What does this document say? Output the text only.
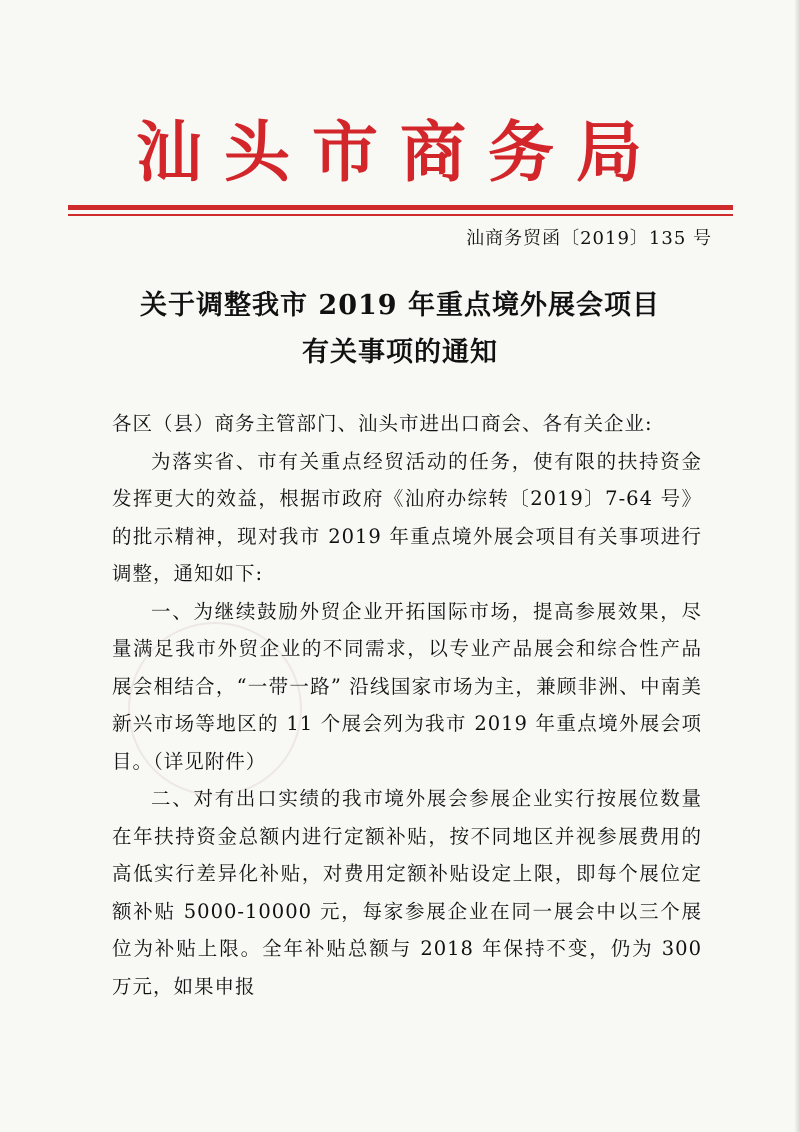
汕头市商务局
汕商务贸函〔2019〕135 号
关于调整我市 2019 年重点境外展会项目
有关事项的通知

各区（县）商务主管部门、汕头市进出口商会、各有关企业:

为落实省、市有关重点经贸活动的任务，使有限的扶持资金发挥更大的效益，根据市政府《汕府办综转〔2019〕7-64 号》的批示精神，现对我市 2019 年重点境外展会项目有关事项进行调整，通知如下:

一、为继续鼓励外贸企业开拓国际市场，提高参展效果，尽量满足我市外贸企业的不同需求，以专业产品展会和综合性产品展会相结合，“一带一路” 沿线国家市场为主，兼顾非洲、中南美新兴市场等地区的 11 个展会列为我市 2019 年重点境外展会项目。（详见附件）

二、对有出口实绩的我市境外展会参展企业实行按展位数量在年扶持资金总额内进行定额补贴，按不同地区并视参展费用的高低实行差异化补贴，对费用定额补贴设定上限，即每个展位定额补贴 5000-10000 元，每家参展企业在同一展会中以三个展位为补贴上限。全年补贴总额与 2018 年保持不变，仍为 300 万元，如果申报
